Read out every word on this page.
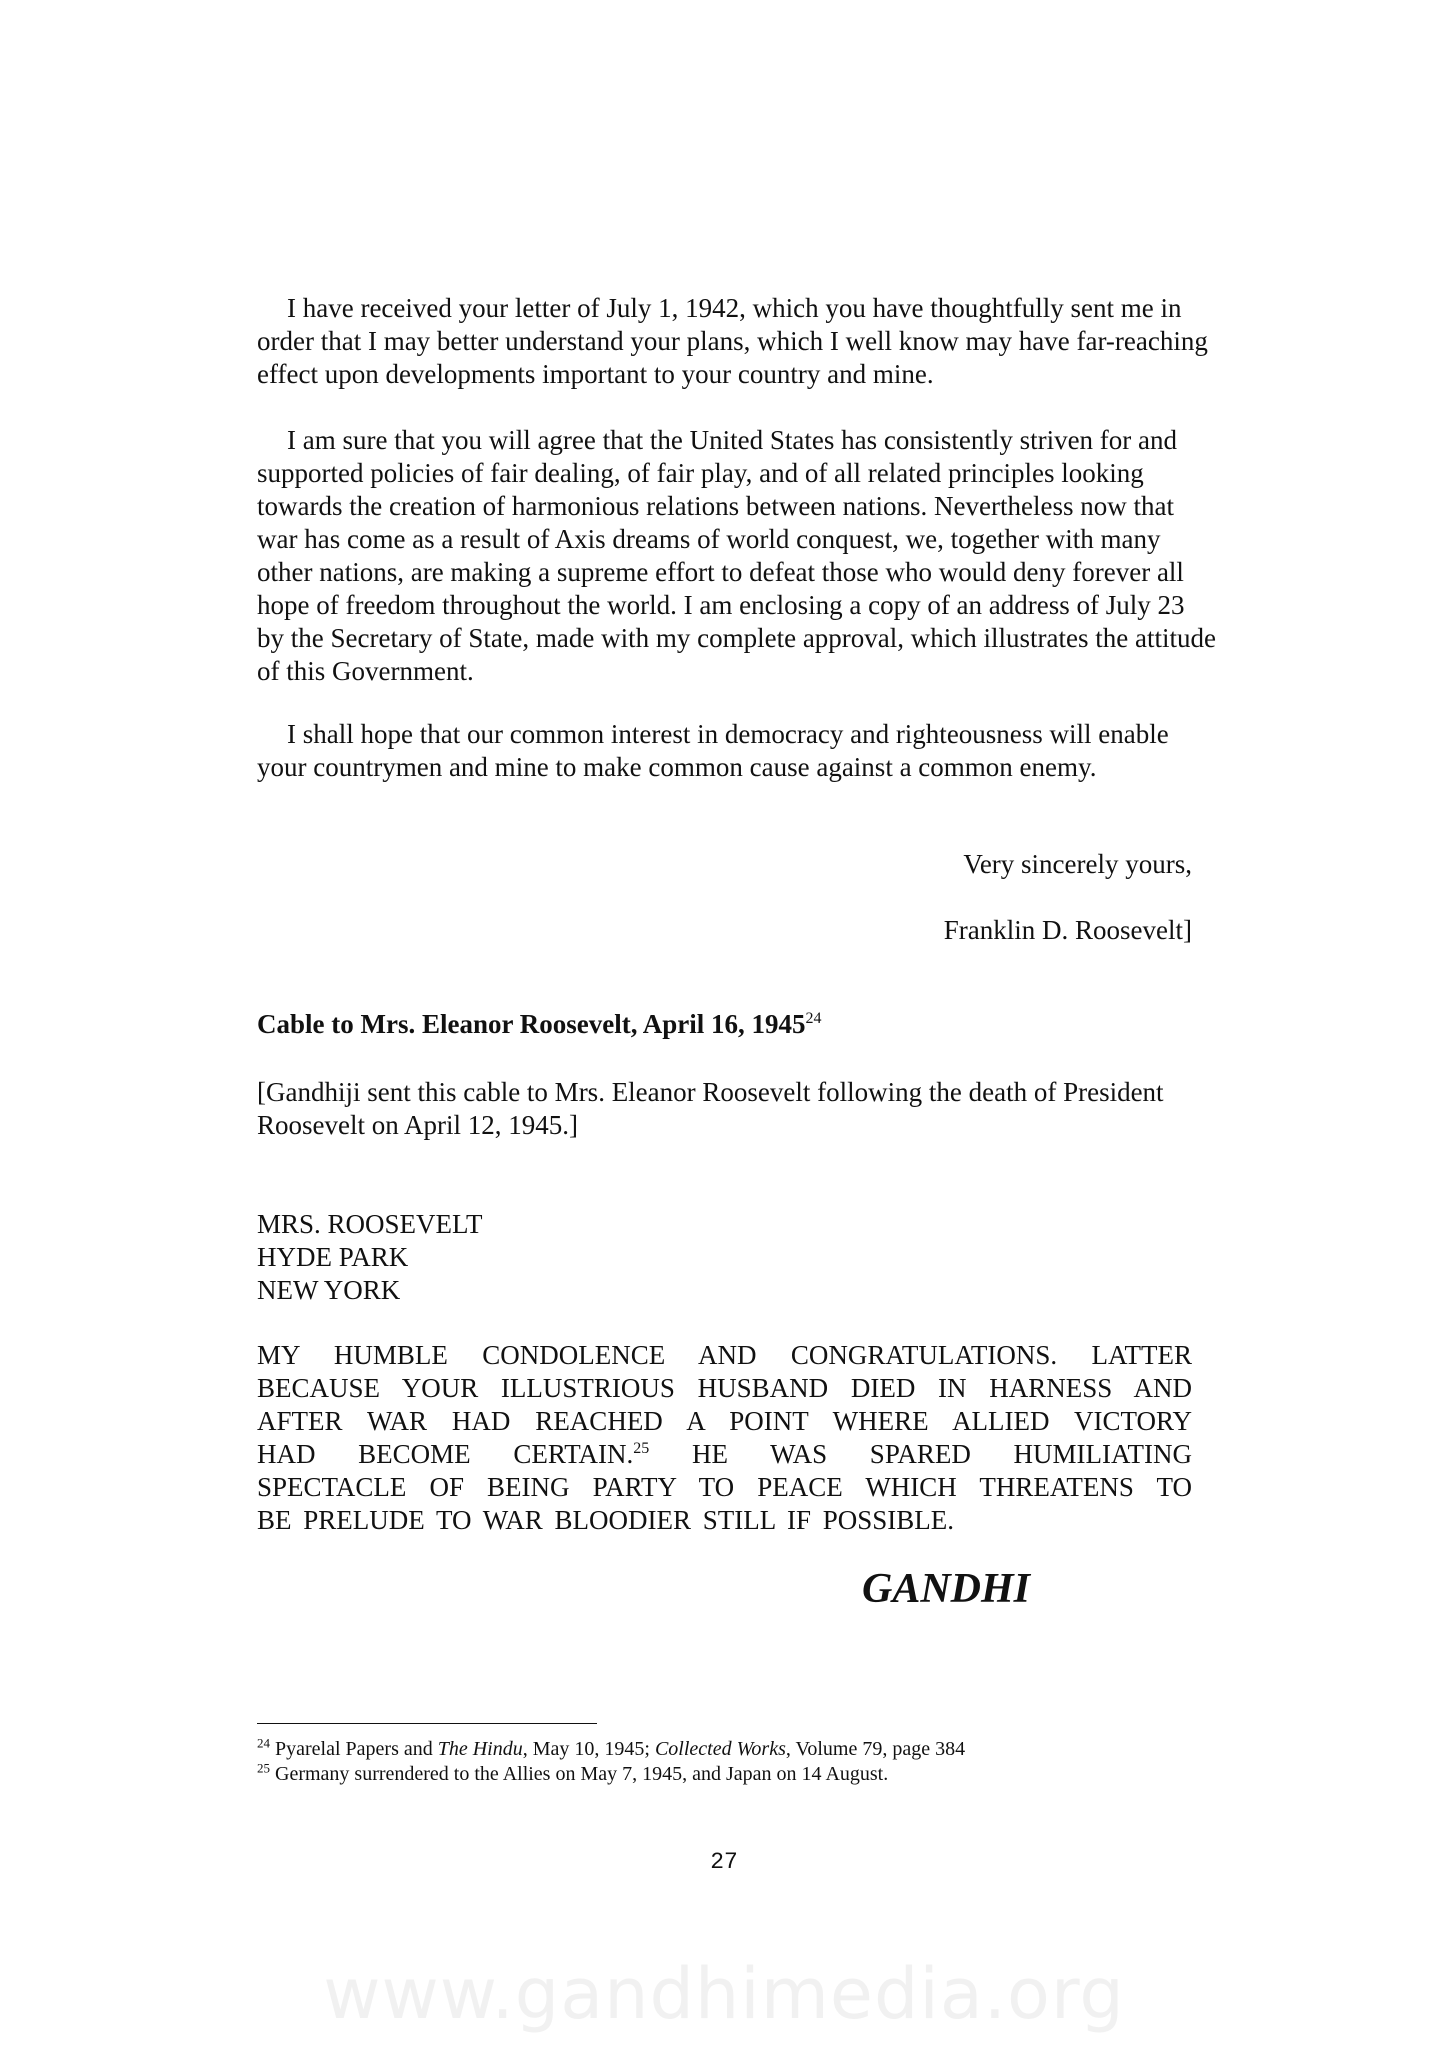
I have received your letter of July 1, 1942, which you have thoughtfully sent me in order that I may better understand your plans, which I well know may have far-reaching effect upon developments important to your country and mine.

I am sure that you will agree that the United States has consistently striven for and supported policies of fair dealing, of fair play, and of all related principles looking towards the creation of harmonious relations between nations. Nevertheless now that war has come as a result of Axis dreams of world conquest, we, together with many other nations, are making a supreme effort to defeat those who would deny forever all hope of freedom throughout the world. I am enclosing a copy of an address of July 23 by the Secretary of State, made with my complete approval, which illustrates the attitude of this Government.

I shall hope that our common interest in democracy and righteousness will enable your countrymen and mine to make common cause against a common enemy.

Very sincerely yours,
Franklin D. Roosevelt]
Cable to Mrs. Eleanor Roosevelt, April 16, 1945$^{24}$
[Gandhiji sent this cable to Mrs. Eleanor Roosevelt following the death of President Roosevelt on April 12, 1945.]
MRS. ROOSEVELT
HYDE PARK
NEW YORK
MY HUMBLE CONDOLENCE AND CONGRATULATIONS. LATTER
BECAUSE YOUR ILLUSTRIOUS HUSBAND DIED IN HARNESS AND
AFTER WAR HAD REACHED A POINT WHERE ALLIED VICTORY
HAD BECOME CERTAIN.$^{25}$ HE WAS SPARED HUMILIATING
SPECTACLE OF BEING PARTY TO PEACE WHICH THREATENS TO
BE PRELUDE TO WAR BLOODIER STILL IF POSSIBLE.
GANDHI
$^{24}$ Pyarelal Papers and The Hindu, May 10, 1945; Collected Works, Volume 79, page 384
$^{25}$ Germany surrendered to the Allies on May 7, 1945, and Japan on 14 August.
27
www.gandhimedia.org
